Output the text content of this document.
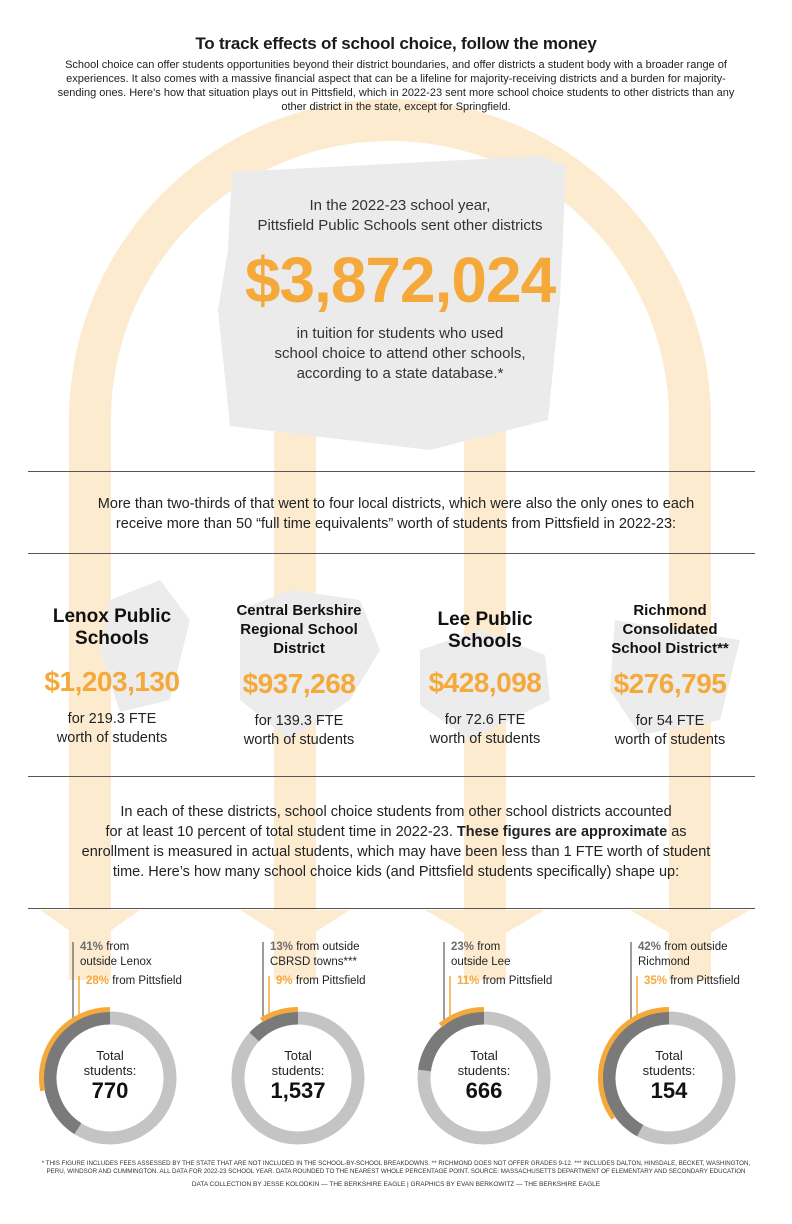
To track effects of school choice, follow the money
School choice can offer students opportunities beyond their district boundaries, and offer districts a student body with a broader range of experiences. It also comes with a massive financial aspect that can be a lifeline for majority-receiving districts and a burden for majority-sending ones. Here’s how that situation plays out in Pittsfield, which in 2022-23 sent more school choice students to other districts than any other district in the state, except for Springfield.
In the 2022-23 school year,
Pittsfield Public Schools sent other districts
$3,872,024
in tuition for students who used
school choice to attend other schools,
according to a state database.*
More than two-thirds of that went to four local districts, which were also the only ones to each
receive more than 50 “full time equivalents” worth of students from Pittsfield in 2022-23:
Lenox Public
Schools
$1,203,130
for 219.3 FTE
worth of students
Central Berkshire
Regional School
District
$937,268
for 139.3 FTE
worth of students
Lee Public
Schools
$428,098
for 72.6 FTE
worth of students
Richmond
Consolidated
School District**
$276,795
for 54 FTE
worth of students
In each of these districts, school choice students from other school districts accounted
for at least 10 percent of total student time in 2022-23. These figures are approximate as
enrollment is measured in actual students, which may have been less than 1 FTE worth of student
time. Here’s how many school choice kids (and Pittsfield students specifically) shape up:
41% from
outside Lenox
28% from Pittsfield
13% from outside
CBRSD towns***
9% from Pittsfield
23% from
outside Lee
11% from Pittsfield
42% from outside
Richmond
35% from Pittsfield
Total
students:
770
Total
students:
1,537
Total
students:
666
Total
students:
154
* THIS FIGURE INCLUDES FEES ASSESSED BY THE STATE THAT ARE NOT INCLUDED IN THE SCHOOL-BY-SCHOOL BREAKDOWNS. ** RICHMOND DOES NOT OFFER GRADES 9-12. *** INCLUDES DALTON, HINSDALE, BECKET, WASHINGTON,
PERU, WINDSOR AND CUMMINGTON. ALL DATA FOR 2022-23 SCHOOL YEAR. DATA ROUNDED TO THE NEAREST WHOLE PERCENTAGE POINT. SOURCE: MASSACHUSETTS DEPARTMENT OF ELEMENTARY AND SECONDARY EDUCATION
DATA COLLECTION BY JESSE KOLODKIN — THE BERKSHIRE EAGLE | GRAPHICS BY EVAN BERKOWITZ — THE BERKSHIRE EAGLE
